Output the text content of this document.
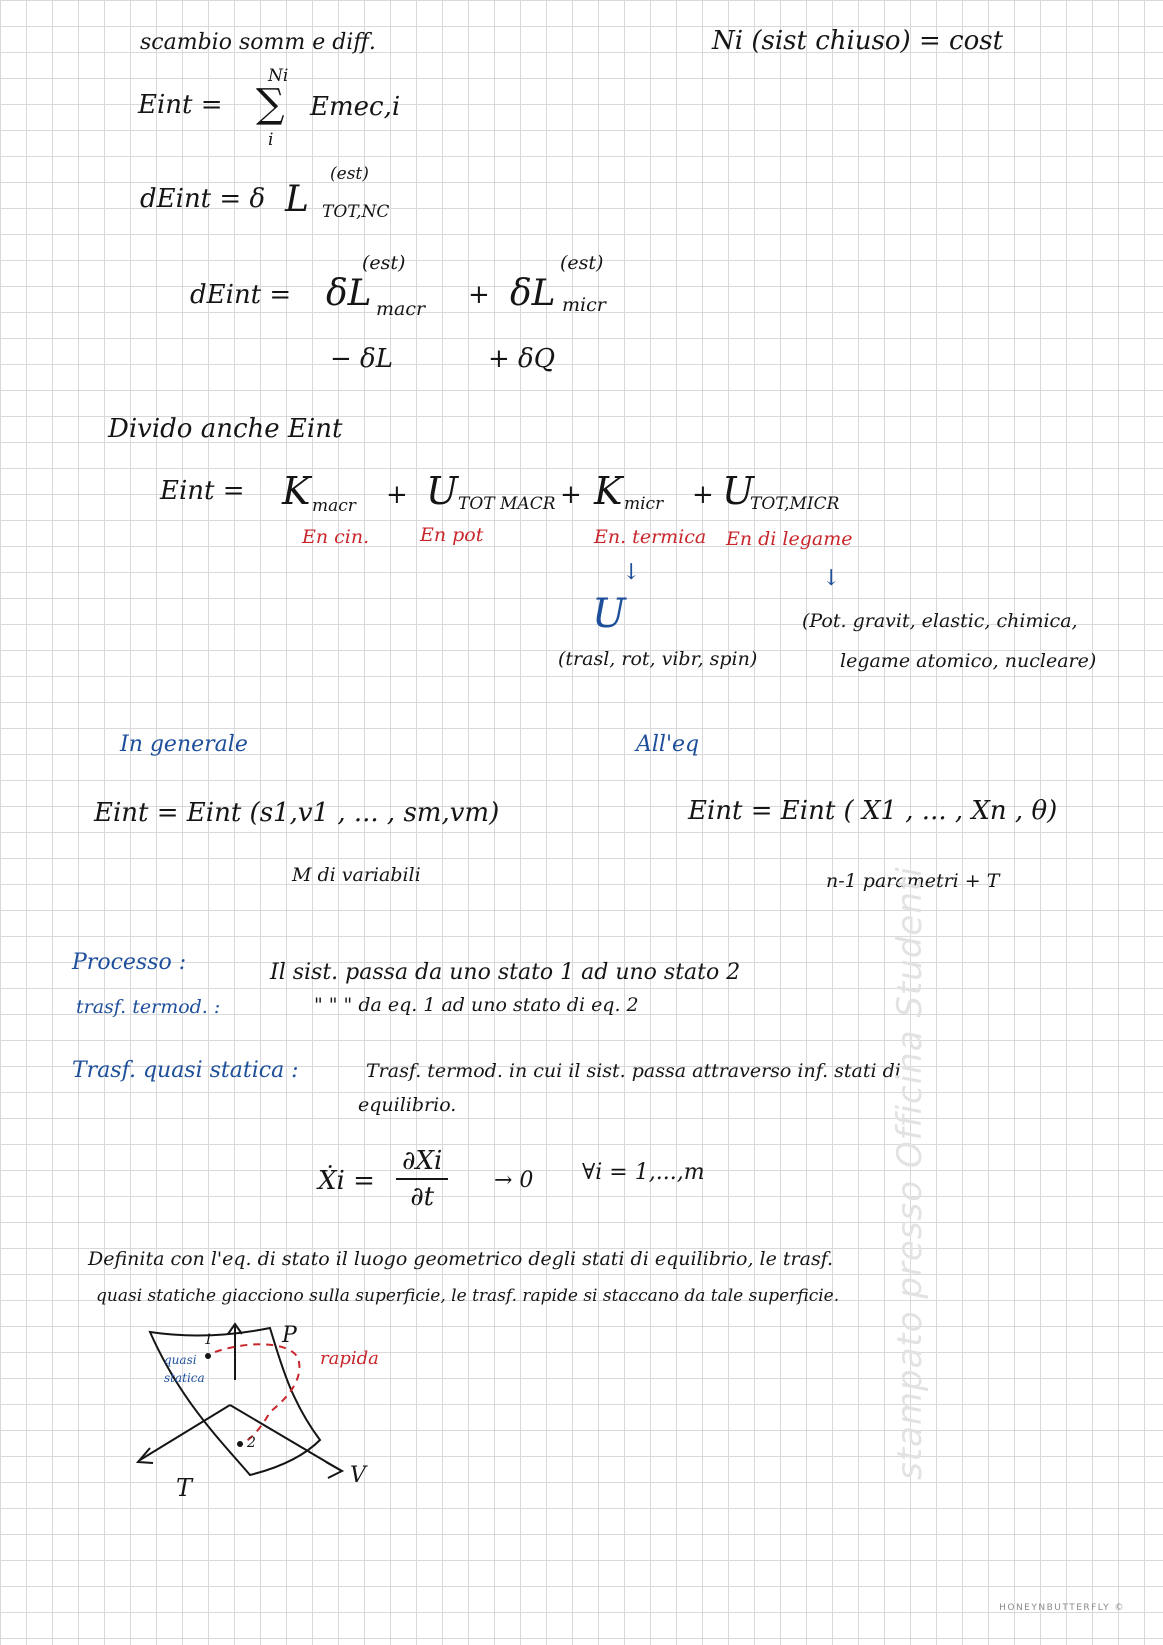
scambio somm e diff.	Ni (sist chiuso) = cost
Eint = ∑
Ni
i
Emec,i
dEint = δ L
(est)
TOT,NC
dEint = δL
(est)
macr + δL
(est)
micr
− δL	+ δQ
Divido anche Eint
Eint = K macr + U TOT MACR + K micr + U
TOT,MICR
En cin.	En pot	En. termica En di legame
↓	↓
U
(trasl, rot, vibr, spin)
(Pot. gravit, elastic, chimica,
legame atomico, nucleare)
In generale	All'eq
Eint = Eint (s1,v1 , ... , sm,vm)
M di variabili
Eint = Eint ( X1 , ... , Xn , θ)
n-1 parametri + T
Processo :	Il sist. passa da uno stato 1 ad uno stato 2
trasf. termod. :	" " " da eq. 1 ad uno stato di eq. 2
Trasf. quasi statica :	Trasf. termod. in cui il sist. passa attraverso inf. stati di
equilibrio.
Ẋi = $\frac{\partial Xi}{\partial t} \to 0$ ∀i = 1,...,m
Definita con l'eq. di stato il luogo geometrico degli stati di equilibrio, le trasf.
quasi statiche giacciono sulla superficie, le trasf. rapide si staccano da tale superficie.
1
2
quasi
statica
rapida
P
V
T
stampato presso Officina Studenti
HONEYNBUTTERFLY ©
